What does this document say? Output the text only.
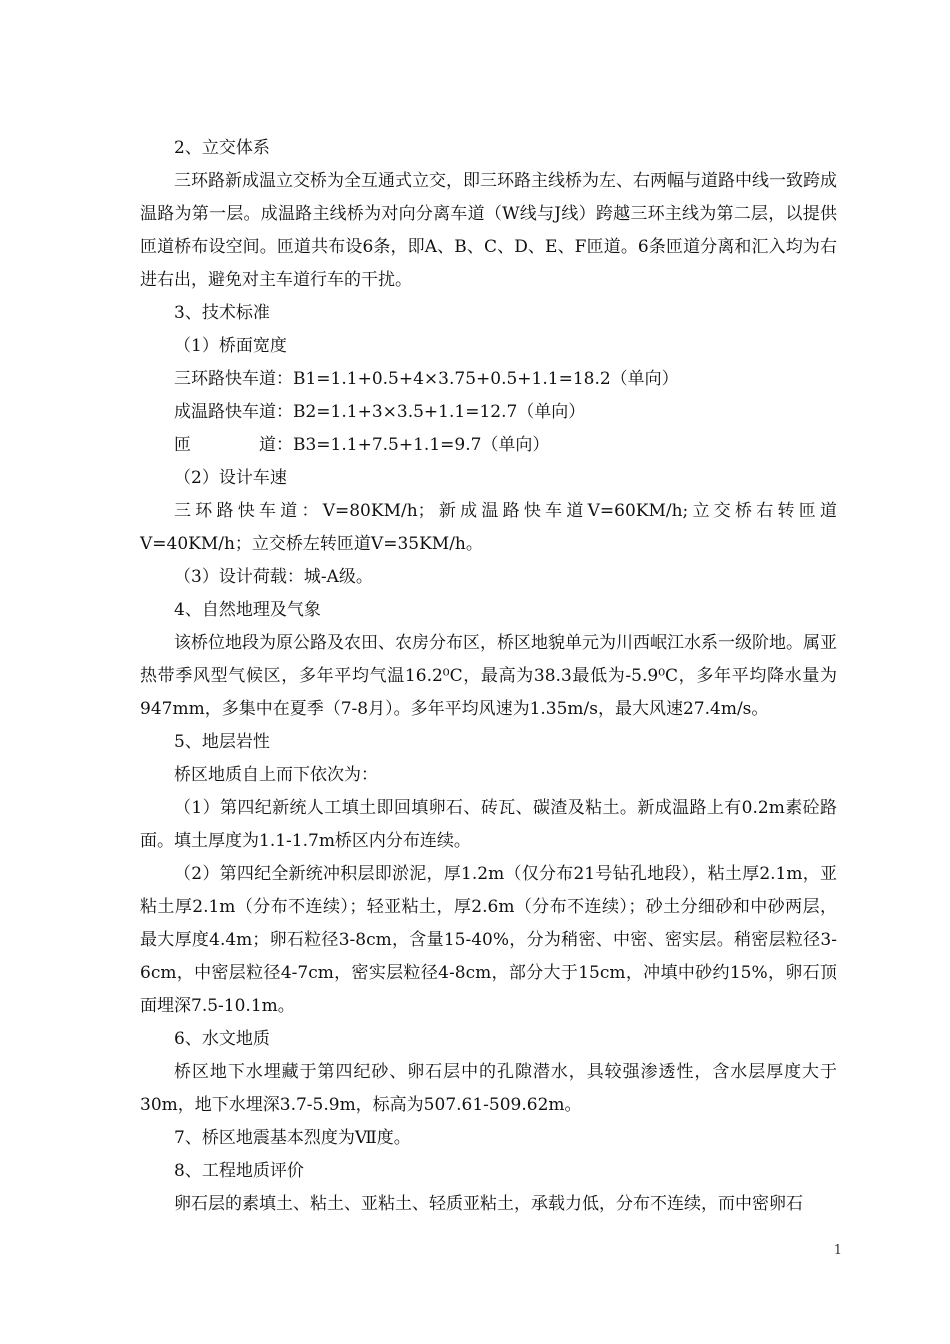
2、立交体系

三环路新成温立交桥为全互通式立交，即三环路主线桥为左、右两幅与道路中线一致跨成温路为第一层。成温路主线桥为对向分离车道（W线与J线）跨越三环主线为第二层，以提供匝道桥布设空间。匝道共布设6条，即A、B、C、D、E、F匝道。6条匝道分离和汇入均为右进右出，避免对主车道行车的干扰。

3、技术标准

（1）桥面宽度

三环路快车道：B1=1.1+0.5+4×3.75+0.5+1.1=18.2（单向）

成温路快车道：B2=1.1+3×3.5+1.1=12.7（单向）

匝　　　　道：B3=1.1+7.5+1.1=9.7（单向）

（2）设计车速

三环路快车道：V=80KM/h；新成温路快车道V=60KM/h;立交桥右转匝道V=40KM/h；立交桥左转匝道V=35KM/h。

（3）设计荷载：城-A级。

4、自然地理及气象

该桥位地段为原公路及农田、农房分布区，桥区地貌单元为川西岷江水系一级阶地。属亚热带季风型气候区，多年平均气温16.2⁰C，最高为38.3最低为-5.9⁰C，多年平均降水量为947mm，多集中在夏季（7-8月）。多年平均风速为1.35m/s，最大风速27.4m/s。

5、地层岩性

桥区地质自上而下依次为：

（1）第四纪新统人工填土即回填卵石、砖瓦、碳渣及粘土。新成温路上有0.2m素砼路面。填土厚度为1.1-1.7m桥区内分布连续。

（2）第四纪全新统冲积层即淤泥，厚1.2m（仅分布21号钻孔地段），粘土厚2.1m，亚粘土厚2.1m（分布不连续）；轻亚粘土，厚2.6m（分布不连续）；砂土分细砂和中砂两层，最大厚度4.4m；卵石粒径3-8cm，含量15-40%，分为稍密、中密、密实层。稍密层粒径3-6cm，中密层粒径4-7cm，密实层粒径4-8cm，部分大于15cm，冲填中砂约15%，卵石顶面埋深7.5-10.1m。

6、水文地质

桥区地下水埋藏于第四纪砂、卵石层中的孔隙潜水，具较强渗透性，含水层厚度大于30m，地下水埋深3.7-5.9m，标高为507.61-509.62m。

7、桥区地震基本烈度为Ⅶ度。

8、工程地质评价

卵石层的素填土、粘土、亚粘土、轻质亚粘土，承载力低，分布不连续，而中密卵石

1
